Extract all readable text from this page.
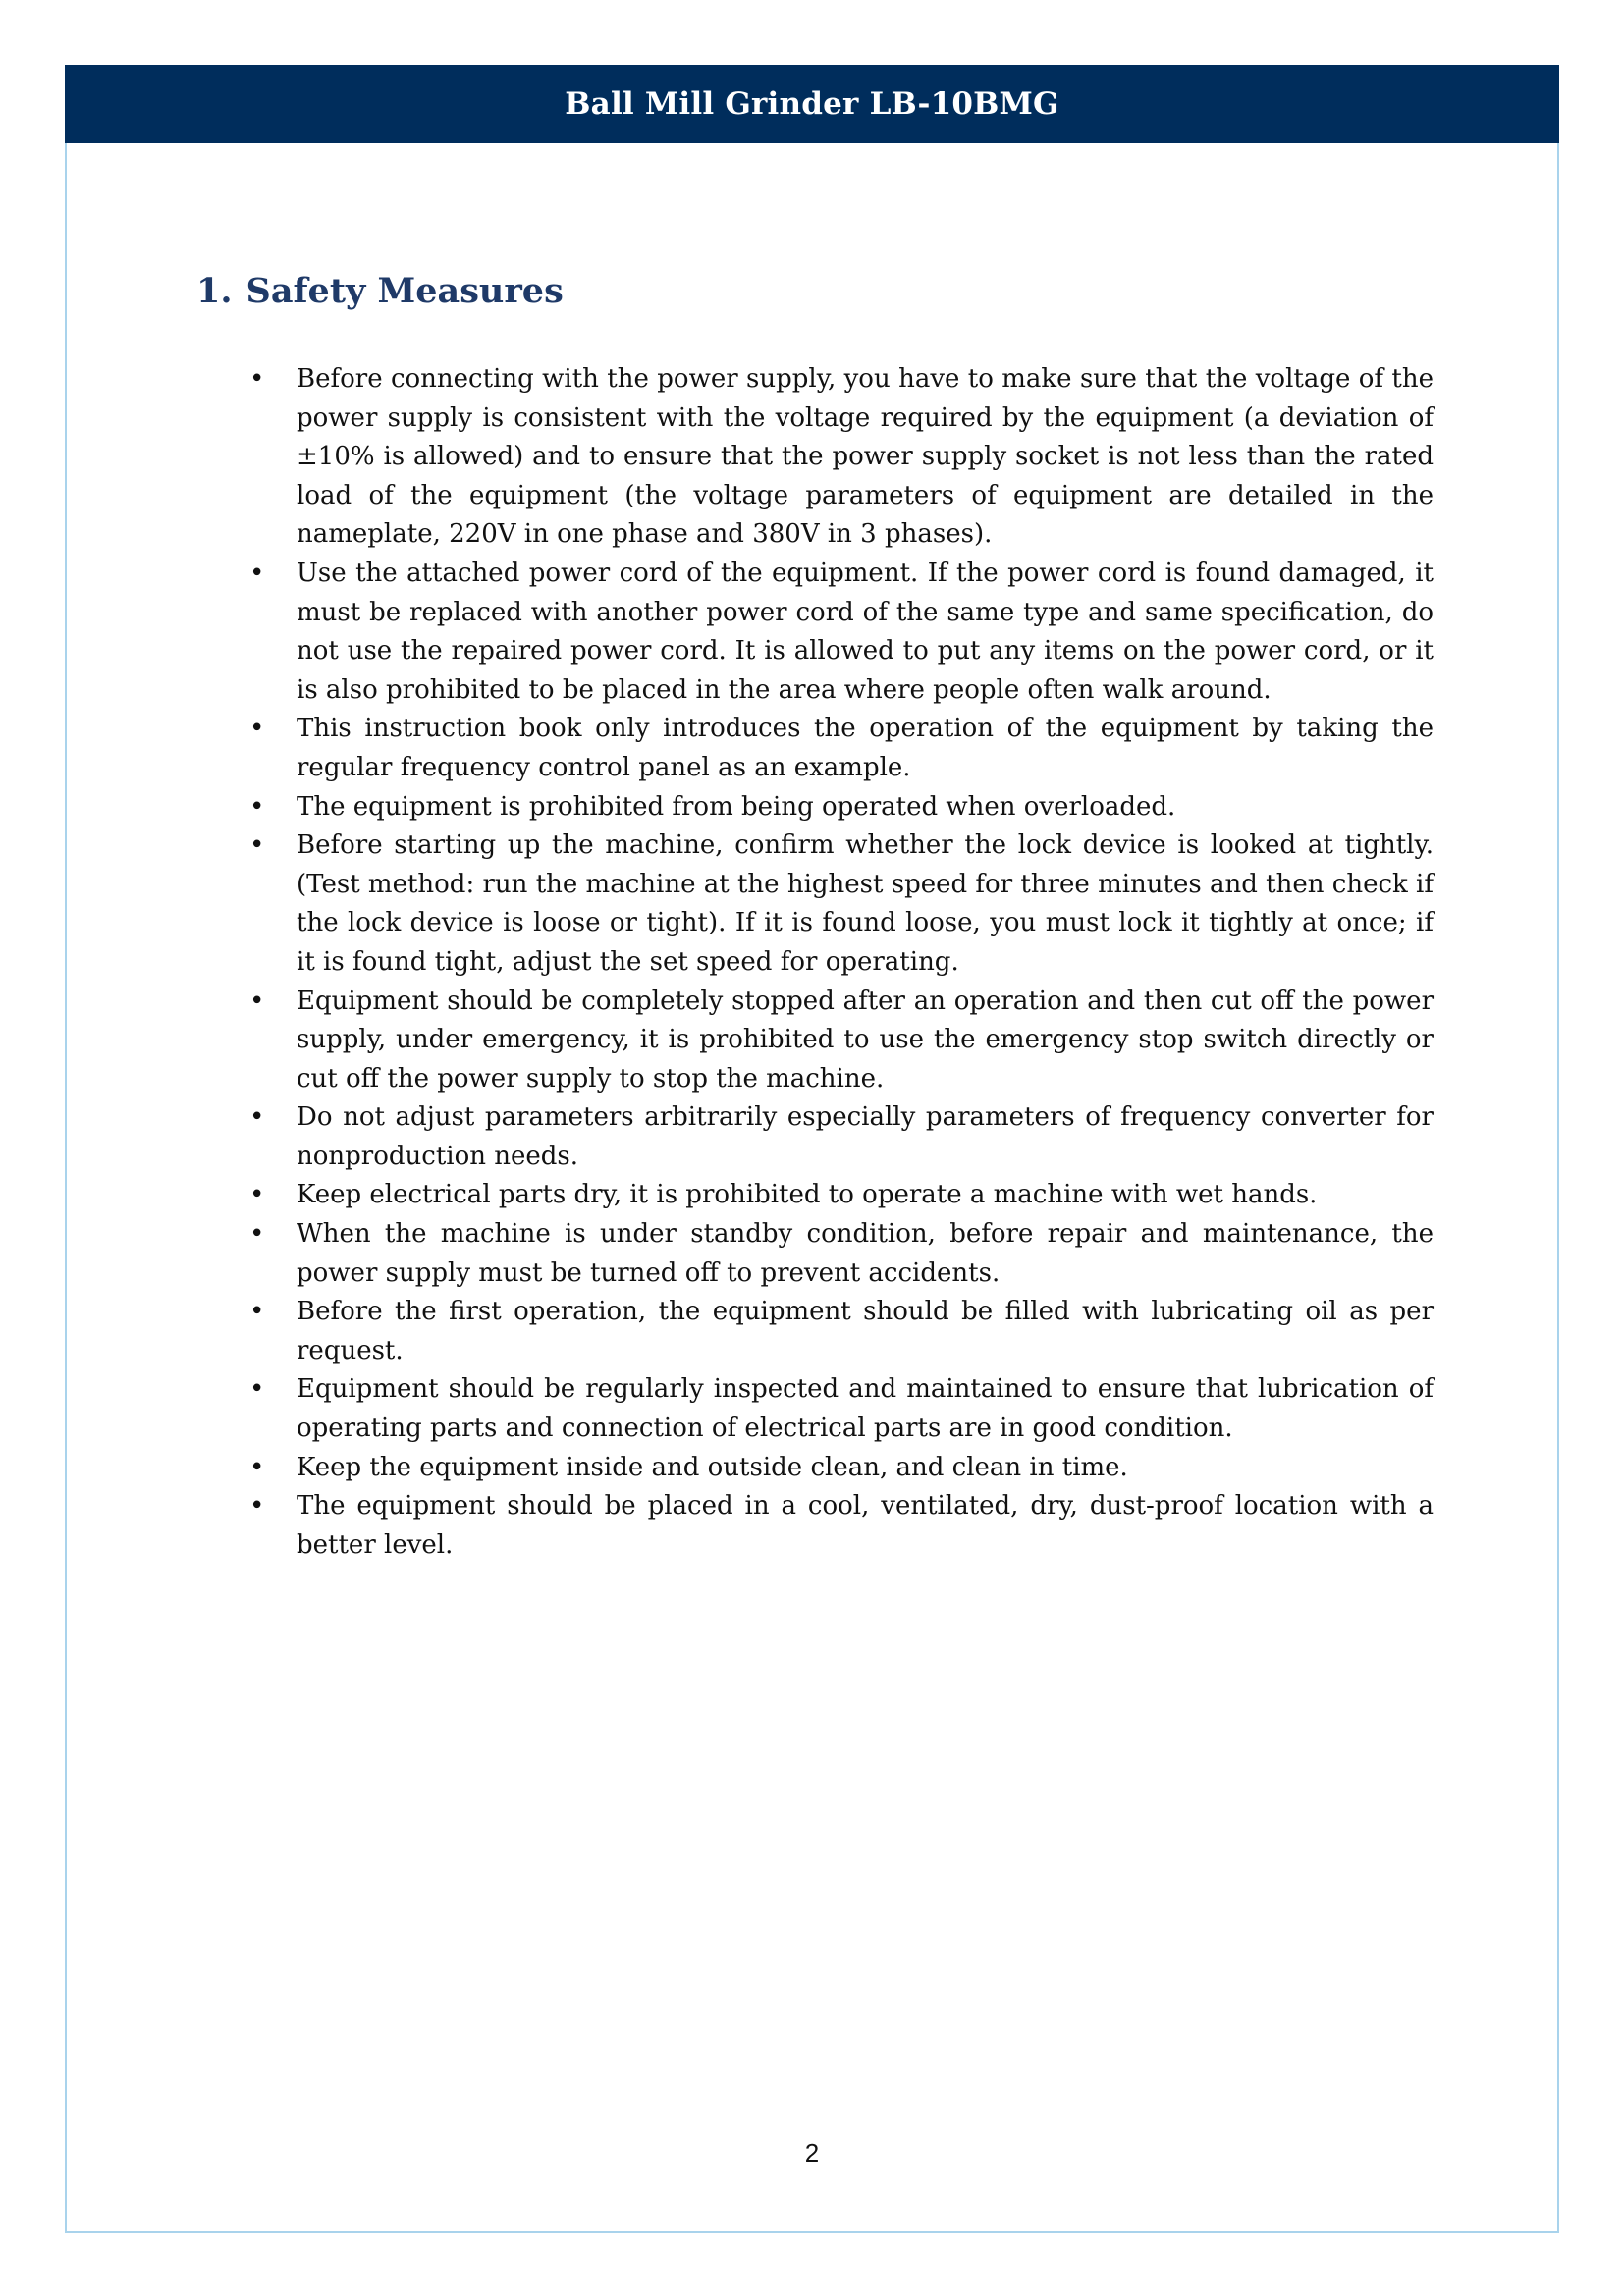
Ball Mill Grinder LB-10BMG
1. Safety Measures
• Before connecting with the power supply, you have to make sure that the voltage of the power supply is consistent with the voltage required by the equipment (a deviation of ±10% is allowed) and to ensure that the power supply socket is not less than the rated load of the equipment (the voltage parameters of equipment are detailed in the nameplate, 220V in one phase and 380V in 3 phases).
• Use the attached power cord of the equipment. If the power cord is found damaged, it must be replaced with another power cord of the same type and same specification, do not use the repaired power cord. It is allowed to put any items on the power cord, or it is also prohibited to be placed in the area where people often walk around.
• This instruction book only introduces the operation of the equipment by taking the regular frequency control panel as an example.
• The equipment is prohibited from being operated when overloaded.
• Before starting up the machine, confirm whether the lock device is looked at tightly. (Test method: run the machine at the highest speed for three minutes and then check if the lock device is loose or tight). If it is found loose, you must lock it tightly at once; if it is found tight, adjust the set speed for operating.
• Equipment should be completely stopped after an operation and then cut off the power supply, under emergency, it is prohibited to use the emergency stop switch directly or cut off the power supply to stop the machine.
• Do not adjust parameters arbitrarily especially parameters of frequency converter for nonproduction needs.
• Keep electrical parts dry, it is prohibited to operate a machine with wet hands.
• When the machine is under standby condition, before repair and maintenance, the power supply must be turned off to prevent accidents.
• Before the first operation, the equipment should be filled with lubricating oil as per request.
• Equipment should be regularly inspected and maintained to ensure that lubrication of operating parts and connection of electrical parts are in good condition.
• Keep the equipment inside and outside clean, and clean in time.
• The equipment should be placed in a cool, ventilated, dry, dust-proof location with a better level.
2
